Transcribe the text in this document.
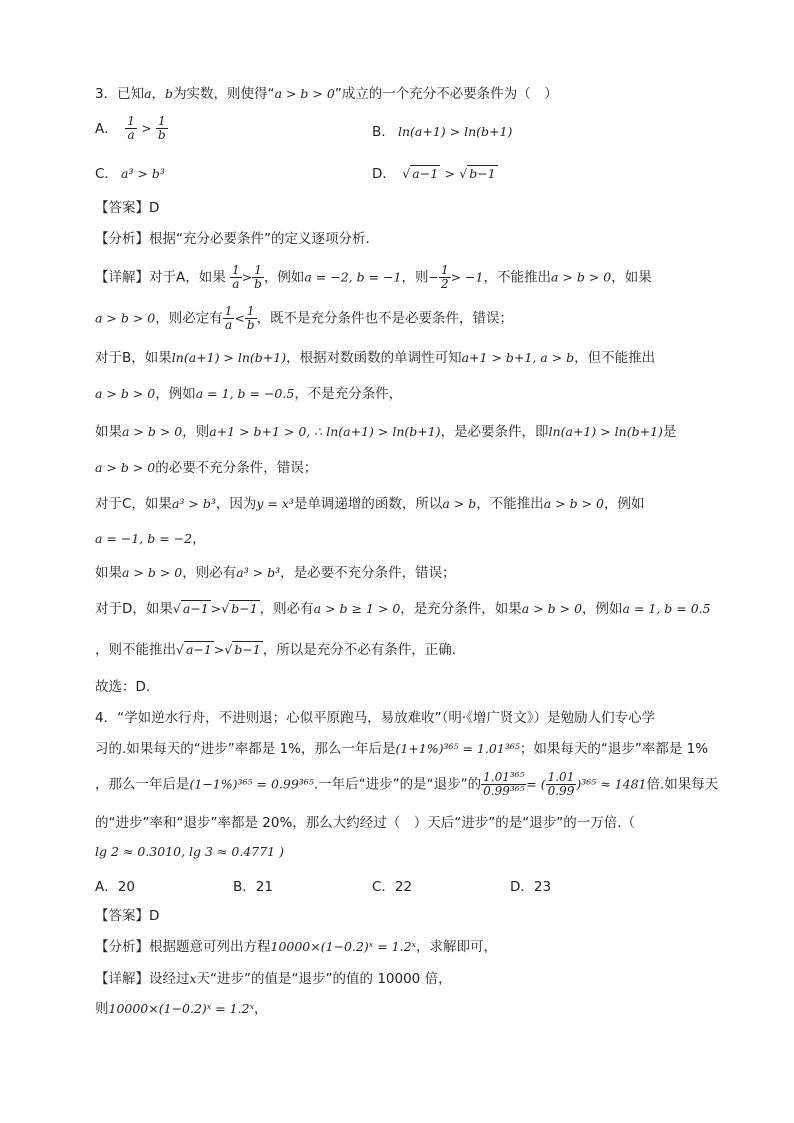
3．已知a，b为实数，则使得“a > b > 0”成立的一个充分不必要条件为（　）
A． $\frac{1}{a} > \frac{1}{b}$	B． ln(a+1) > ln(b+1)
C． a³ > b³	D． √ a−1 > √ b−1
【答案】D
【分析】根据“充分必要条件”的定义逐项分析.
【详解】对于A，如果 $\frac{1}{a} > \frac{1}{b}$ ，例如a = −2, b = −1，则− $\frac{1}{2} > -1$，不能推出a > b > 0，如果
a > b > 0，则必定有 $\frac{1}{a} < \frac{1}{b}$ ，既不是充分条件也不是必要条件，错误；
对于B，如果ln(a+1) > ln(b+1)，根据对数函数的单调性可知a+1 > b+1, a > b，但不能推出
a > b > 0，例如a = 1, b = −0.5，不是充分条件，
如果a > b > 0，则a+1 > b+1 > 0, ∴ ln(a+1) > ln(b+1)，是必要条件，即ln(a+1) > ln(b+1)是
a > b > 0的必要不充分条件，错误；
对于C，如果a³ > b³，因为y = x³是单调递增的函数，所以a > b，不能推出a > b > 0，例如
a = −1, b = −2，
如果a > b > 0，则必有a³ > b³，是必要不充分条件，错误；
对于D，如果√ a−1 >√ b−1 ，则必有a > b ≥ 1 > 0，是充分条件，如果a > b > 0，例如a = 1, b = 0.5
，则不能推出√ a−1 >√ b−1 ，所以是充分不必有条件，正确.
故选：D.
4．“学如逆水行舟，不进则退；心似平原跑马，易放难收”（明·《增广贤文》）是勉励人们专心学
习的.如果每天的“进步”率都是 1%，那么一年后是(1+1%)³⁶⁵ = 1.01³⁶⁵；如果每天的“退步”率都是 1%
，那么一年后是(1−1%)³⁶⁵ = 0.99³⁶⁵.一年后“进步”的是“退步”的 $\frac{\text{1.01³⁶⁵}}{\text{0.99³⁶⁵}}$ = ( $\frac{1.01}{0.99} )^{365} \approx 1481$倍.如果每天
的“进步”率和“退步”率都是 20%，那么大约经过（　）天后“进步”的是“退步”的一万倍.（
lg 2 ≈ 0.3010, lg 3 ≈ 0.4771 )
A．20	B．21	C．22	D．23
【答案】D
【分析】根据题意可列出方程10000×(1−0.2)ˣ = 1.2ˣ，求解即可，
【详解】设经过x天“进步”的值是“退步”的值的 10000 倍，
则10000×(1−0.2)ˣ = 1.2ˣ，
